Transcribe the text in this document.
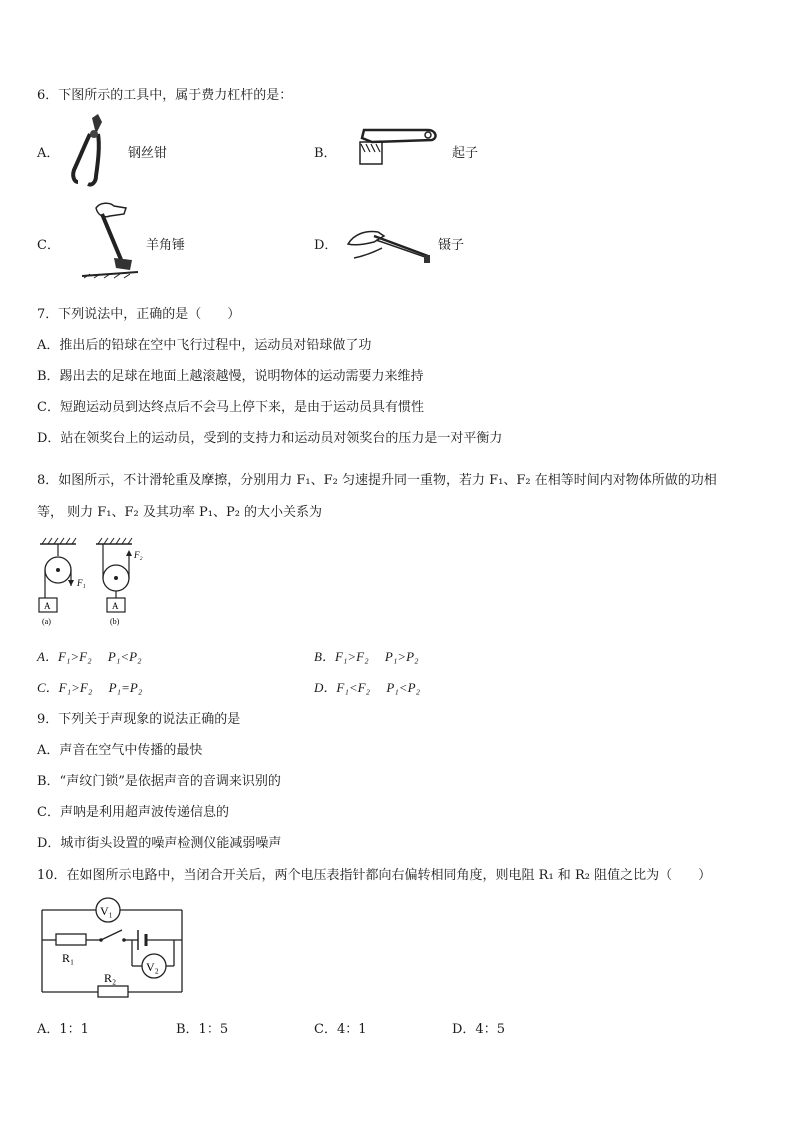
6．下图所示的工具中，属于费力杠杆的是：
A．	钢丝钳	B．	起子
C．	羊角锤	D．	镊子
7．下列说法中，正确的是（　　）
A．推出后的铅球在空中飞行过程中，运动员对铅球做了功
B．踢出去的足球在地面上越滚越慢，说明物体的运动需要力来维持
C．短跑运动员到达终点后不会马上停下来，是由于运动员具有惯性
D．站在领奖台上的运动员，受到的支持力和运动员对领奖台的压力是一对平衡力
8．如图所示，不计滑轮重及摩擦，分别用力 F₁、F₂ 匀速提升同一重物，若力 F₁、F₂ 在相等时间内对物体所做的功相
等， 则力 F₁、F₂ 及其功率 P₁、P₂ 的大小关系为
F₁
A
(a)
F₂
A
(b)
A．F₁>F₂　 P₁<P₂	B．F₁>F₂　 P₁>P₂
C．F₁>F₂　 P₁=P₂	D．F₁<F₂　 P₁<P₂
9．下列关于声现象的说法正确的是
A．声音在空气中传播的最快
B．“声纹门锁”是依据声音的音调来识别的
C．声呐是利用超声波传递信息的
D．城市街头设置的噪声检测仪能减弱噪声
10．在如图所示电路中，当闭合开关后，两个电压表指针都向右偏转相同角度，则电阻 R₁ 和 R₂ 阻值之比为（　　）
V₁
R₁
V₂
R₂
A．1：1	B．1：5	C．4：1	D．4：5
